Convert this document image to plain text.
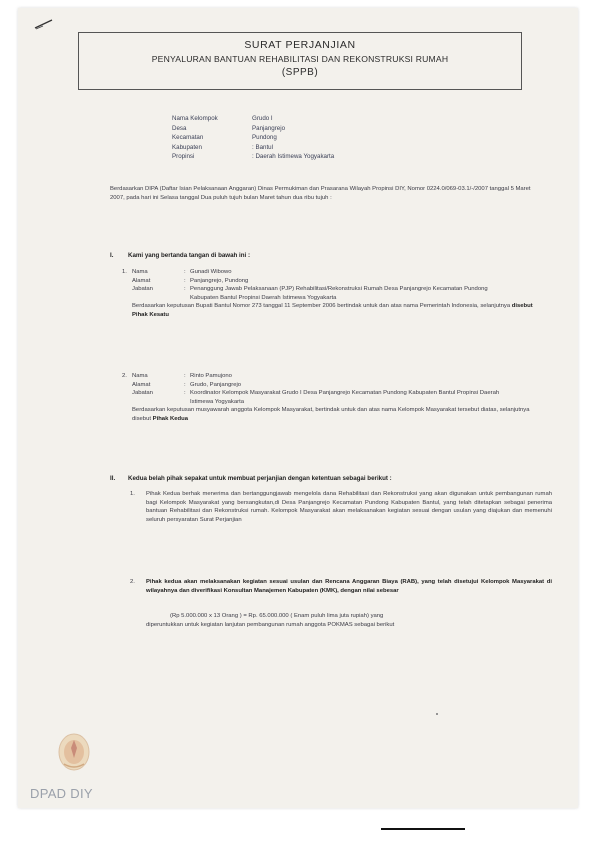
SURAT PERJANJIAN
PENYALURAN BANTUAN REHABILITASI DAN REKONSTRUKSI RUMAH
(SPPB)
Nama Kelompok	Grudo I
Desa	Panjangrejo
Kecamatan	Pundong
Kabupaten	: Bantul
Propinsi	: Daerah Istimewa Yogyakarta
Berdasarkan DIPA (Daftar Isian Pelaksanaan Anggaran) Dinas Permukiman dan Prasarana Wilayah Propinsi DIY, Nomor 0224.0/069-03.1/-/2007 tanggal 5 Maret 2007, pada hari ini Selasa tanggal Dua puluh tujuh bulan Maret tahun dua ribu tujuh :
I. Kami yang bertanda tangan di bawah ini :
1. Nama	: Gunadi Wibowo
Alamat	: Panjangrejo, Pundong
Jabatan	: Penanggung Jawab Pelaksanaan (PJP) Rehabilitasi/Rekonstruksi Rumah Desa Panjangrejo Kecamatan Pundong Kabupaten Bantul Propinsi Daerah Istimewa Yogyakarta
Berdasarkan keputusan Bupati Bantul Nomor 273 tanggal 11 September 2006 bertindak untuk dan atas nama Pemerintah Indonesia, selanjutnya disebut Pihak Kesatu
2. Nama	: Rinto Pamujono
Alamat	: Grudo, Panjangrejo
Jabatan	: Koordinator Kelompok Masyarakat Grudo I Desa Panjangrejo Kecamatan Pundong Kabupaten Bantul Propinsi Daerah Istimewa Yogyakarta
Berdasarkan keputusan musyawarah anggota Kelompok Masyarakat, bertindak untuk dan atas nama Kelompok Masyarakat tersebut diatas, selanjutnya disebut Pihak Kedua
II. Kedua belah pihak sepakat untuk membuat perjanjian dengan ketentuan sebagai berikut :
1.	Pihak Kedua berhak menerima dan bertanggungjawab mengelola dana Rehabilitasi dan Rekonstruksi yang akan digunakan untuk pembangunan rumah bagi Kelompok Masyarakat yang bersangkutan,di Desa Panjangrejo Kecamatan Pundong Kabupaten Bantul, yang telah ditetapkan sebagai penerima bantuan Rehabilitasi dan Rekonstruksi rumah. Kelompok Masyarakat akan melaksanakan kegiatan sesuai dengan usulan yang diajukan dan memenuhi seluruh persyaratan Surat Perjanjian
2.	Pihak kedua akan melaksanakan kegiatan sesuai usulan dan Rencana Anggaran Biaya (RAB), yang telah disetujui Kelompok Masyarakat di wilayahnya dan diverifikasi Konsultan Manajemen Kabupaten (KMK), dengan nilai sebesar
(Rp 5.000.000 x 13 Orang ) = Rp. 65.000.000 ( Enam puluh lima juta rupiah) yang
diperuntukkan untuk kegiatan lanjutan pembangunan rumah anggota POKMAS sebagai berikut
DPAD DIY
